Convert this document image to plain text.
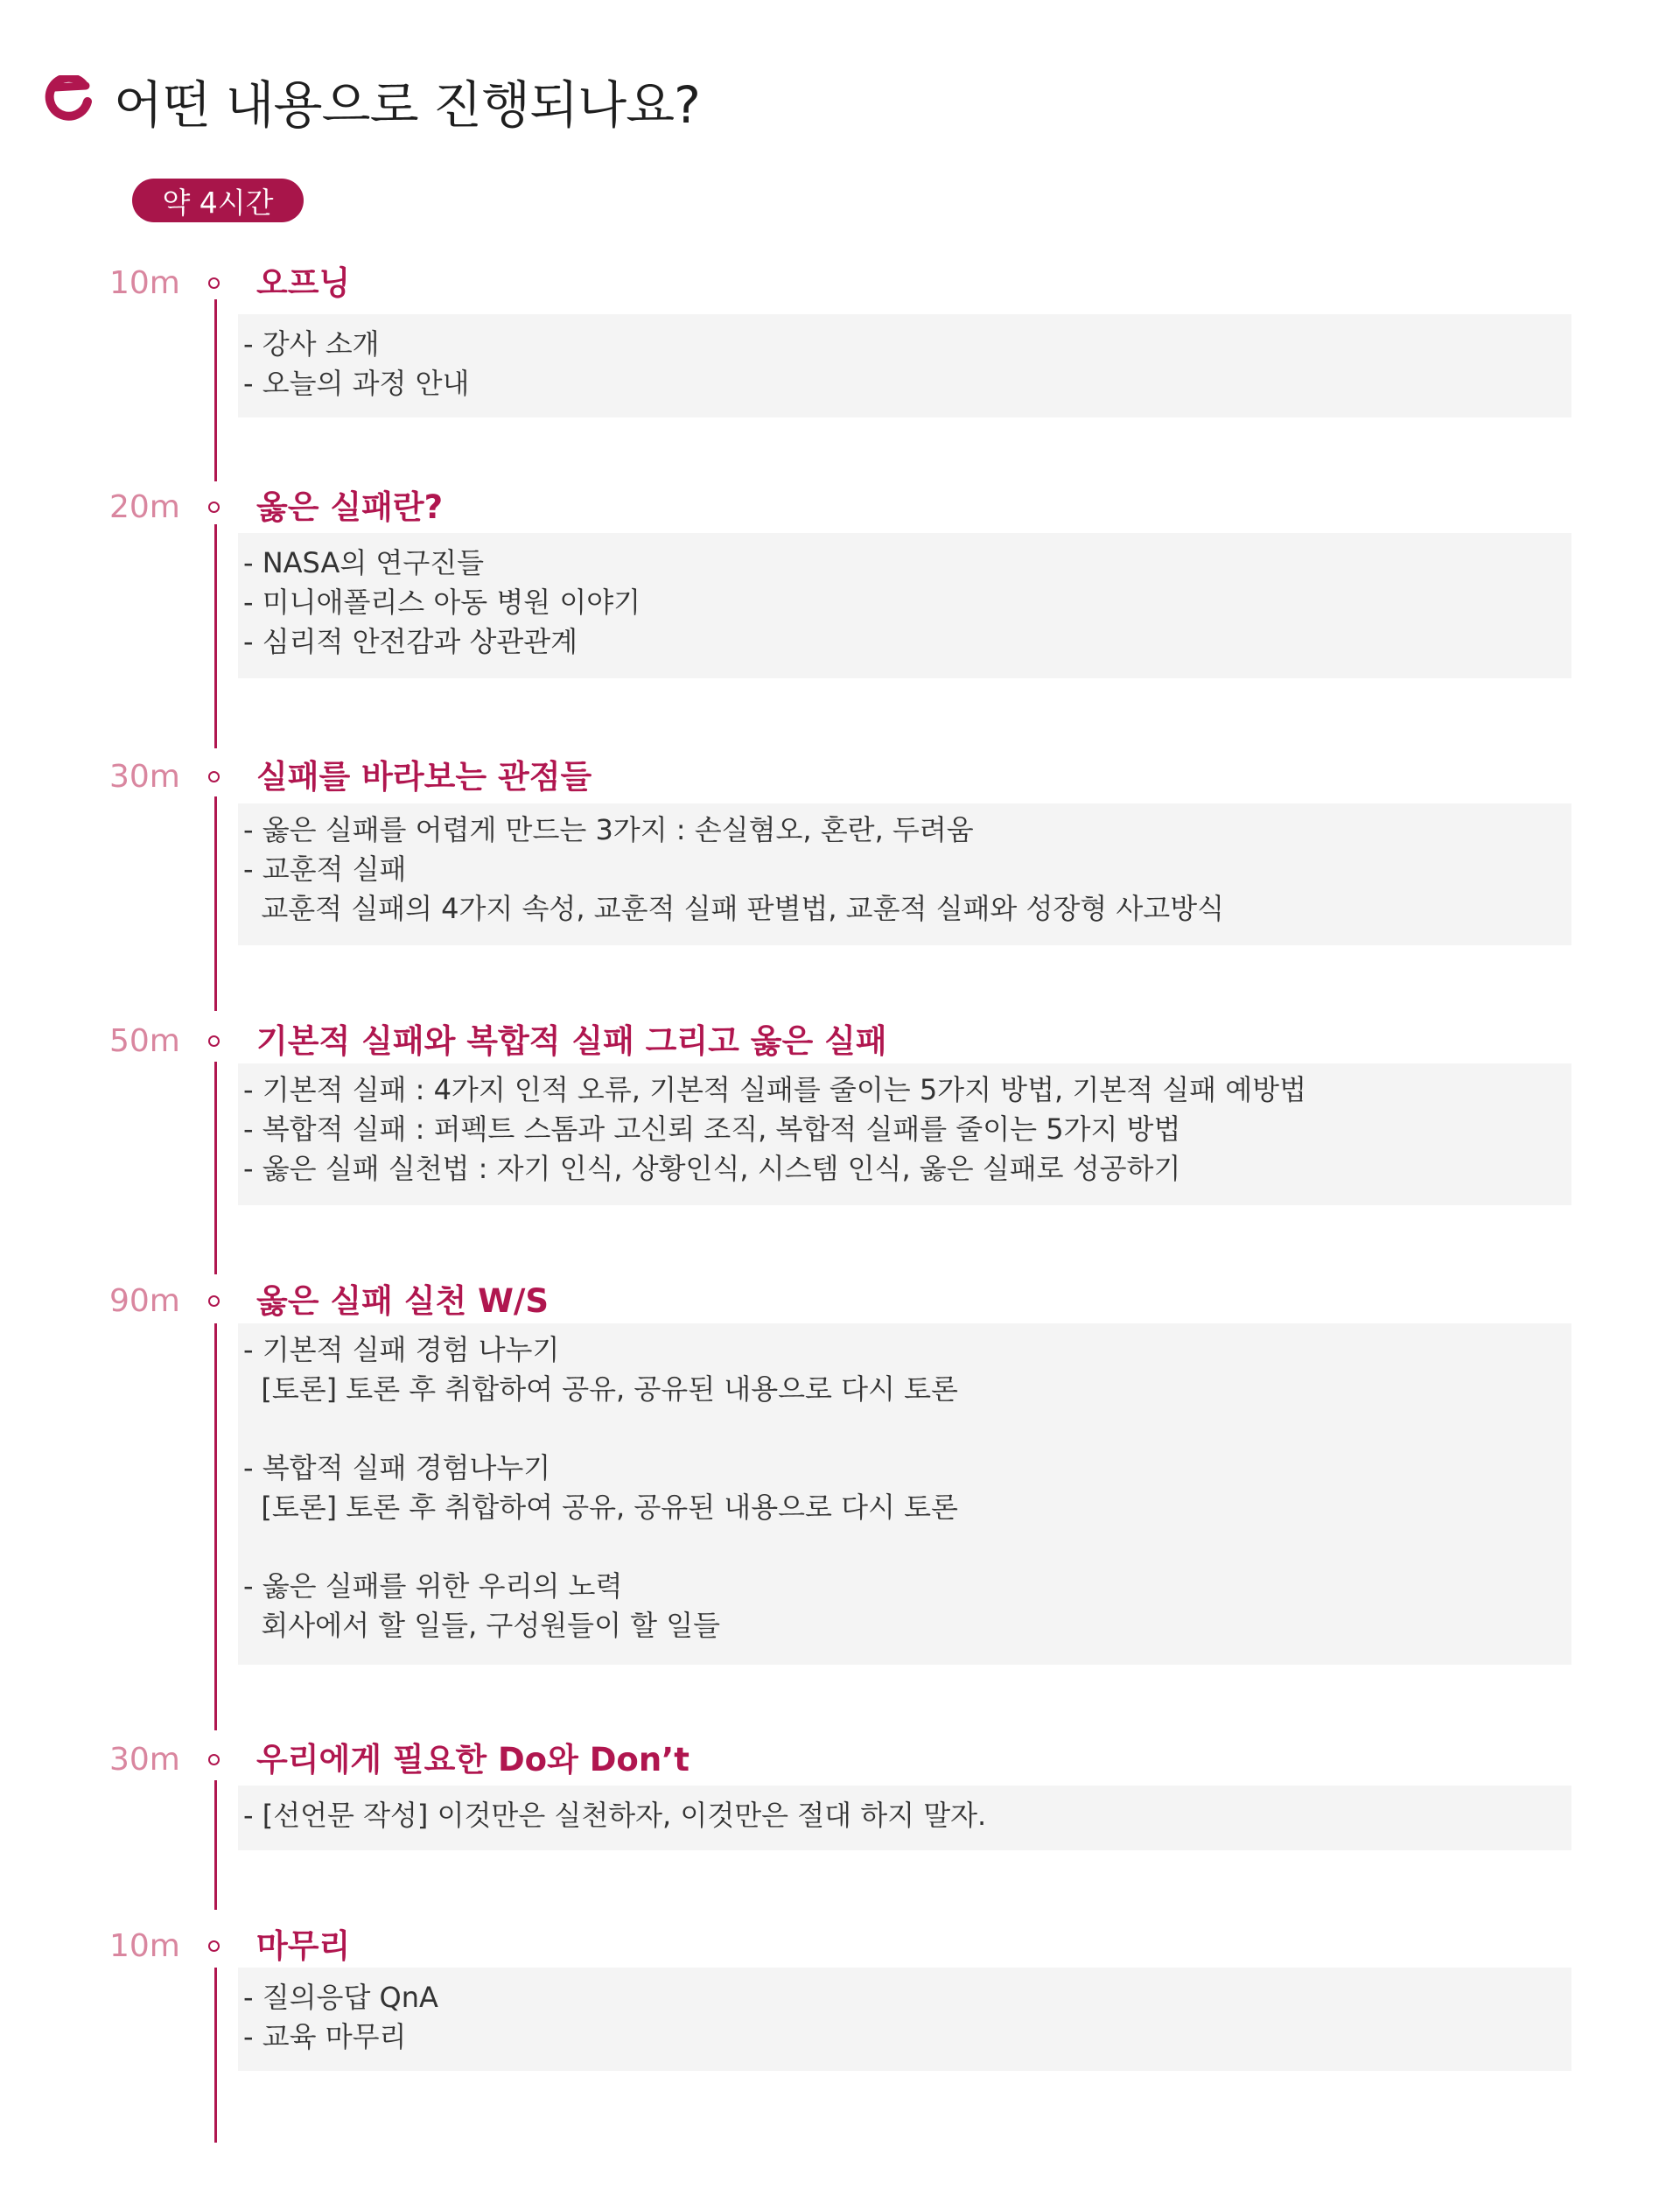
어떤 내용으로 진행되나요?
약 4시간
10m	오프닝
- 강사 소개
- 오늘의 과정 안내
20m	옳은 실패란?
- NASA의 연구진들
- 미니애폴리스 아동 병원 이야기
- 심리적 안전감과 상관관계
30m	실패를 바라보는 관점들
- 옳은 실패를 어렵게 만드는 3가지 : 손실혐오, 혼란, 두려움
- 교훈적 실패
교훈적 실패의 4가지 속성, 교훈적 실패 판별법, 교훈적 실패와 성장형 사고방식
50m	기본적 실패와 복합적 실패 그리고 옳은 실패
- 기본적 실패 : 4가지 인적 오류, 기본적 실패를 줄이는 5가지 방법, 기본적 실패 예방법
- 복합적 실패 : 퍼펙트 스톰과 고신뢰 조직, 복합적 실패를 줄이는 5가지 방법
- 옳은 실패 실천법 : 자기 인식, 상황인식, 시스템 인식, 옳은 실패로 성공하기
90m	옳은 실패 실천 W/S
- 기본적 실패 경험 나누기
[토론] 토론 후 취합하여 공유, 공유된 내용으로 다시 토론
- 복합적 실패 경험나누기
[토론] 토론 후 취합하여 공유, 공유된 내용으로 다시 토론
- 옳은 실패를 위한 우리의 노력
회사에서 할 일들, 구성원들이 할 일들
30m	우리에게 필요한 Do와 Don’t
- [선언문 작성] 이것만은 실천하자, 이것만은 절대 하지 말자.
10m	마무리
- 질의응답 QnA
- 교육 마무리
